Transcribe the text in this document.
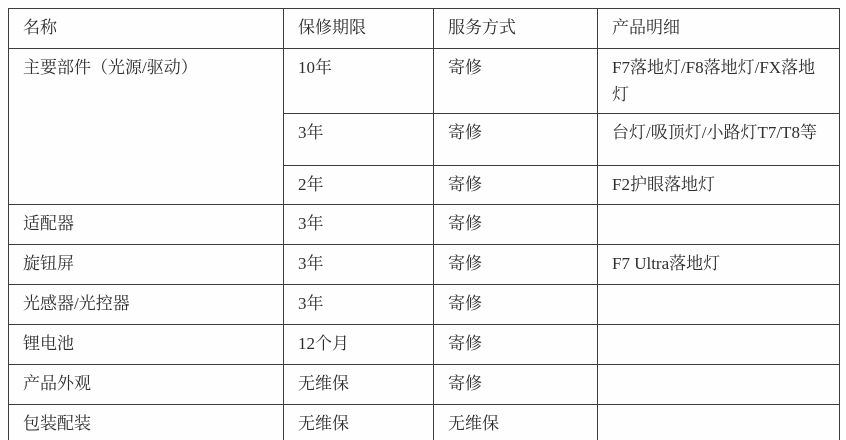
名称	保修期限	服务方式	产品明细
主要部件（光源/驱动）	10年	寄修	F7落地灯/F8落地灯/FX落地灯
	3年	寄修	台灯/吸顶灯/小路灯T7/T8等
	2年	寄修	F2护眼落地灯
适配器	3年	寄修	
旋钮屏	3年	寄修	F7 Ultra落地灯
光感器/光控器	3年	寄修	
锂电池	12个月	寄修	
产品外观	无维保	寄修	
包装配装	无维保	无维保	
